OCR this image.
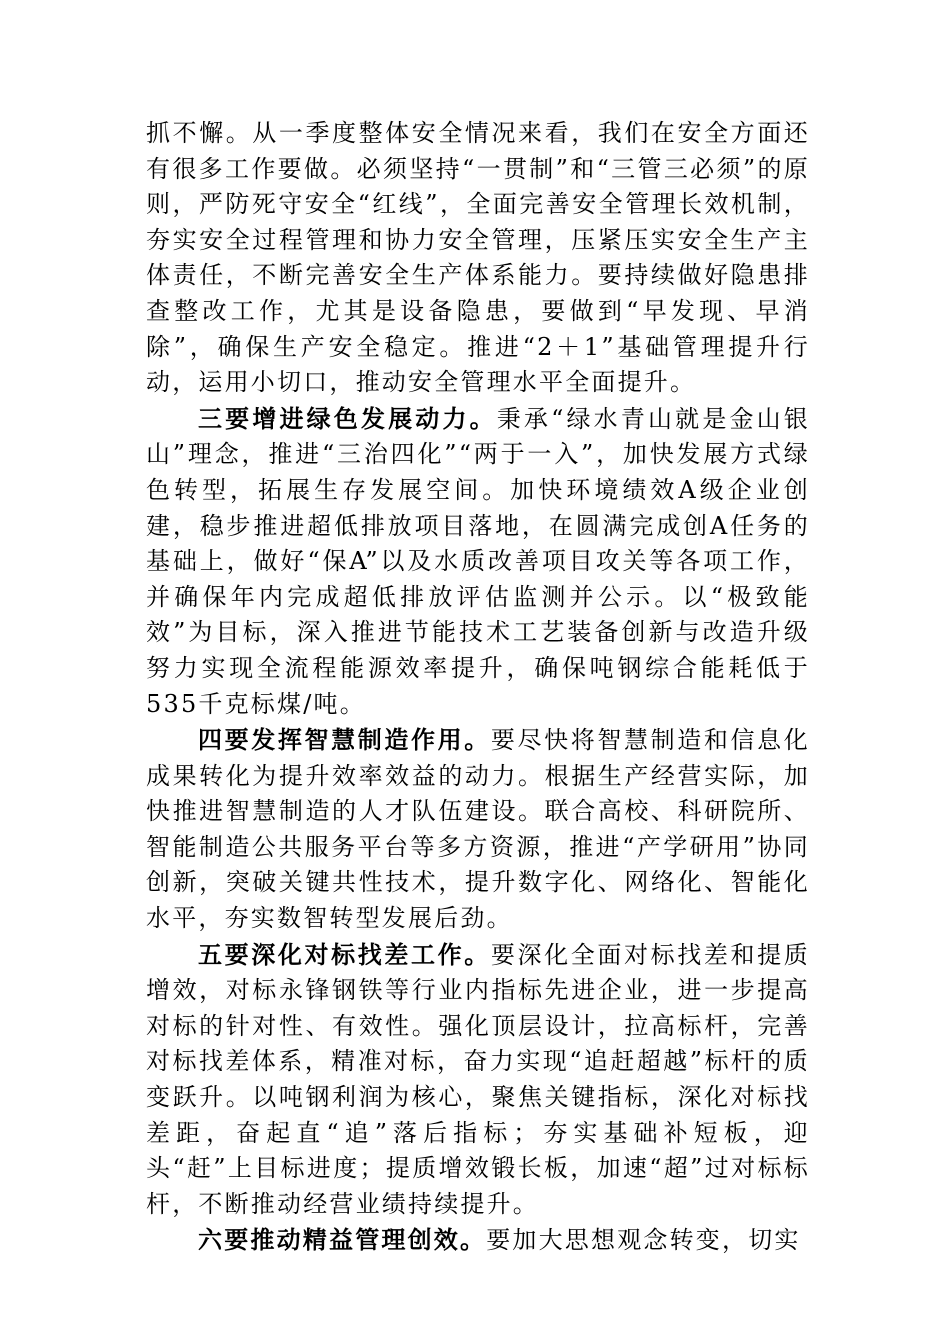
抓不懈。从一季度整体安全情况来看，我们在安全方面还有很多工作要做。必须坚持“一贯制”和“三管三必须”的原则，严防死守安全“红线”，全面完善安全管理长效机制，夯实安全过程管理和协力安全管理，压紧压实安全生产主体责任，不断完善安全生产体系能力。要持续做好隐患排查整改工作，尤其是设备隐患，要做到“早发现、早消除”，确保生产安全稳定。推进“2＋1”基础管理提升行动，运用小切口，推动安全管理水平全面提升。

三要增进绿色发展动力。秉承“绿水青山就是金山银山”理念，推进“三治四化”“两于一入”，加快发展方式绿色转型，拓展生存发展空间。加快环境绩效A级企业创建，稳步推进超低排放项目落地，在圆满完成创A任务的基础上，做好“保A”以及水质改善项目攻关等各项工作，并确保年内完成超低排放评估监测并公示。以“极致能效”为目标，深入推进节能技术工艺装备创新与改造升级努力实现全流程能源效率提升，确保吨钢综合能耗低于535千克标煤/吨。

四要发挥智慧制造作用。要尽快将智慧制造和信息化成果转化为提升效率效益的动力。根据生产经营实际，加快推进智慧制造的人才队伍建设。联合高校、科研院所、智能制造公共服务平台等多方资源，推进“产学研用”协同创新，突破关键共性技术，提升数字化、网络化、智能化水平，夯实数智转型发展后劲。

五要深化对标找差工作。要深化全面对标找差和提质增效，对标永锋钢铁等行业内指标先进企业，进一步提高对标的针对性、有效性。强化顶层设计，拉高标杆，完善对标找差体系，精准对标，奋力实现“追赶超越”标杆的质变跃升。以吨钢利润为核心，聚焦关键指标，深化对标找差距，奋起直“追”落后指标；夯实基础补短板，迎头“赶”上目标进度；提质增效锻长板，加速“超”过对标标杆，不断推动经营业绩持续提升。

六要推动精益管理创效。要加大思想观念转变，切实
